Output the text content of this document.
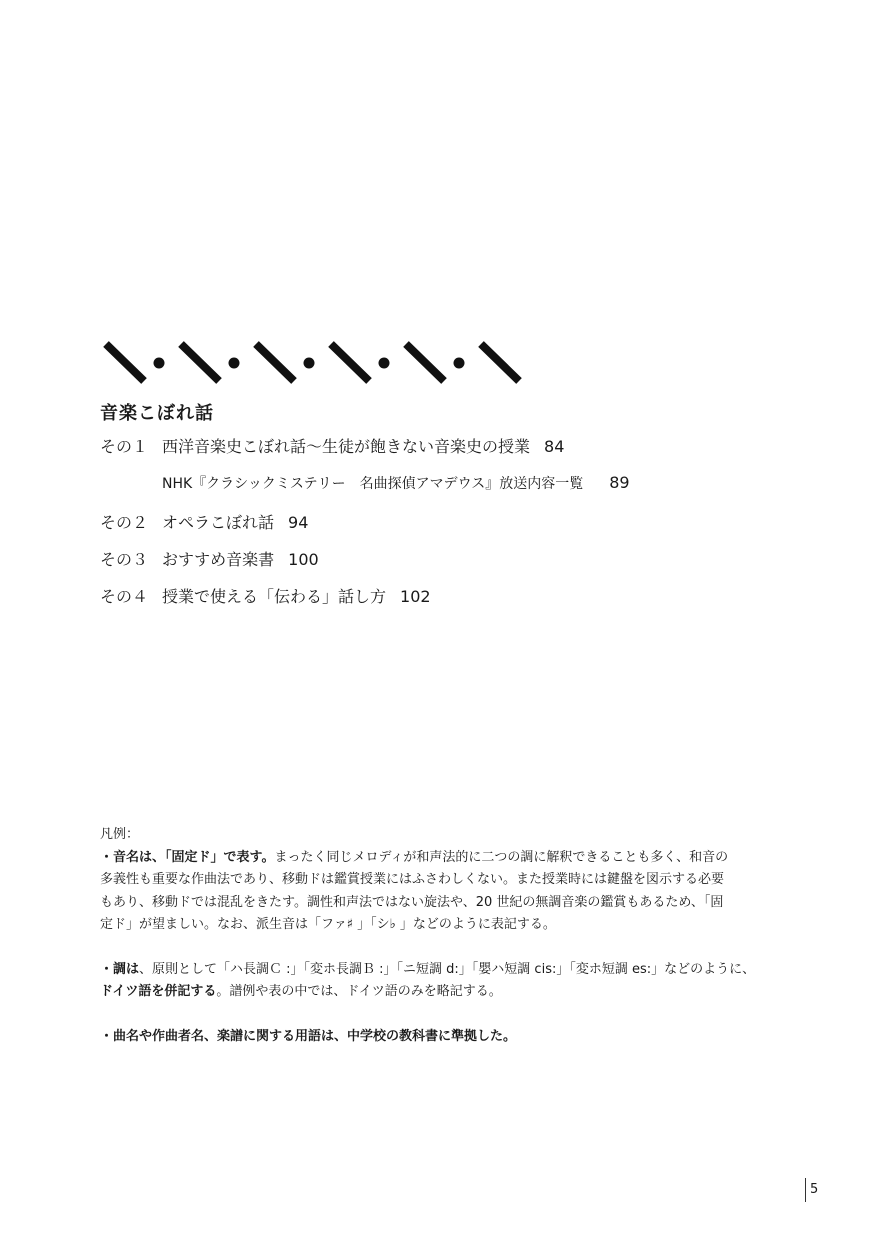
音楽こぼれ話
その１ 西洋音楽史こぼれ話〜生徒が飽きない音楽史の授業 84
NHK『クラシックミステリー　名曲探偵アマデウス』放送内容一覧 89
その２ オペラこぼれ話 94
その３ おすすめ音楽書 100
その４ 授業で使える「伝わる」話し方 102

凡例：

・音名は、「固定ド」で表す。まったく同じメロディが和声法的に二つの調に解釈できることも多く、和音の
多義性も重要な作曲法であり、移動ドは鑑賞授業にはふさわしくない。また授業時には鍵盤を図示する必要
もあり、移動ドでは混乱をきたす。調性和声法ではない旋法や、20 世紀の無調音楽の鑑賞もあるため、「固
定ド」が望ましい。なお、派生音は「ファ♯ 」「シ♭ 」などのように表記する。

・調は、原則として「ハ長調Ｃ :」「変ホ長調Ｂ :」「ニ短調 d:」「嬰ハ短調 cis:」「変ホ短調 es:」などのように、
ドイツ語を併記する。譜例や表の中では、ドイツ語のみを略記する。

・曲名や作曲者名、楽譜に関する用語は、中学校の教科書に準拠した。

5
